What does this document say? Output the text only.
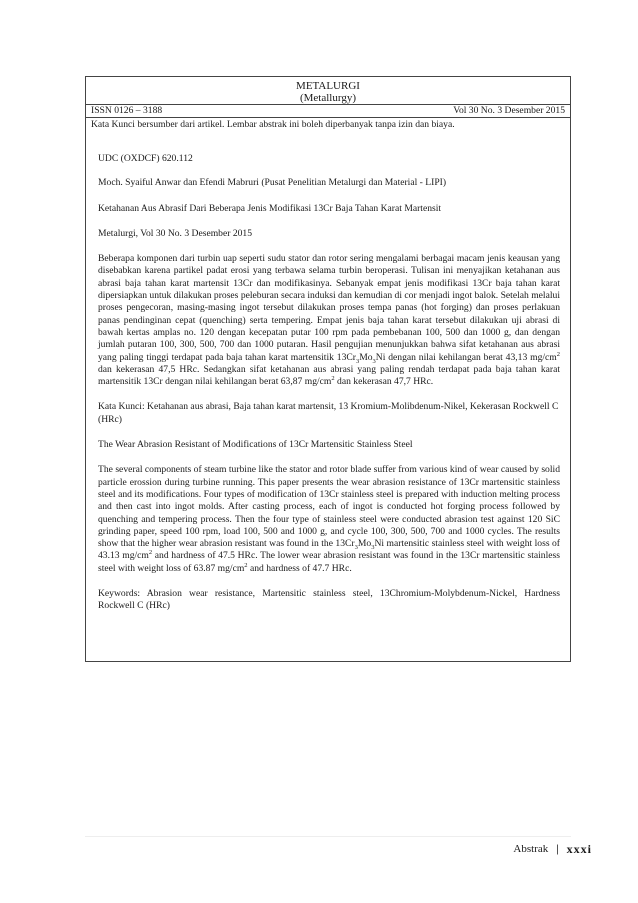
METALURGI
(Metallurgy)
ISSN 0126 – 3188	Vol 30 No. 3 Desember 2015
Kata Kunci bersumber dari artikel. Lembar abstrak ini boleh diperbanyak tanpa izin dan biaya.

UDC (OXDCF) 620.112

Moch. Syaiful Anwar dan Efendi Mabruri (Pusat Penelitian Metalurgi dan Material - LIPI)

Ketahanan Aus Abrasif Dari Beberapa Jenis Modifikasi 13Cr Baja Tahan Karat Martensit

Metalurgi, Vol 30 No. 3 Desember 2015

Beberapa komponen dari turbin uap seperti sudu stator dan rotor sering mengalami berbagai macam jenis keausan yang disebabkan karena partikel padat erosi yang terbawa selama turbin beroperasi. Tulisan ini menyajikan ketahanan aus abrasi baja tahan karat martensit 13Cr dan modifikasinya. Sebanyak empat jenis modifikasi 13Cr baja tahan karat dipersiapkan untuk dilakukan proses peleburan secara induksi dan kemudian di cor menjadi ingot balok. Setelah melalui proses pengecoran, masing-masing ingot tersebut dilakukan proses tempa panas (hot forging) dan proses perlakuan panas pendinginan cepat (quenching) serta tempering. Empat jenis baja tahan karat tersebut dilakukan uji abrasi di bawah kertas amplas no. 120 dengan kecepatan putar 100 rpm pada pembebanan 100, 500 dan 1000 g, dan dengan jumlah putaran 100, 300, 500, 700 dan 1000 putaran. Hasil pengujian menunjukkan bahwa sifat ketahanan aus abrasi yang paling tinggi terdapat pada baja tahan karat martensitik $13Cr_3Mo_3Ni$ dengan nilai kehilangan berat 43,13 $mg/cm^2$ dan kekerasan 47,5 HRc. Sedangkan sifat ketahanan aus abrasi yang paling rendah terdapat pada baja tahan karat martensitik 13Cr dengan nilai kehilangan berat 63,87 $mg/cm^2$ dan kekerasan 47,7 HRc.

Kata Kunci: Ketahanan aus abrasi, Baja tahan karat martensit, 13 Kromium-Molibdenum-Nikel, Kekerasan Rockwell C (HRc)

The Wear Abrasion Resistant of Modifications of 13Cr Martensitic Stainless Steel

The several components of steam turbine like the stator and rotor blade suffer from various kind of wear caused by solid particle erossion during turbine running. This paper presents the wear abrasion resistance of 13Cr martensitic stainless steel and its modifications. Four types of modification of 13Cr stainless steel is prepared with induction melting process and then cast into ingot molds. After casting process, each of ingot is conducted hot forging process followed by quenching and tempering process. Then the four type of stainless steel were conducted abrasion test against 120 SiC grinding paper, speed 100 rpm, load 100, 500 and 1000 g, and cycle 100, 300, 500, 700 and 1000 cycles. The results show that the higher wear abrasion resistant was found in the $13Cr_3Mo_3Ni$ martensitic stainless steel with weight loss of 43.13 $mg/cm^2$ and hardness of 47.5 HRc. The lower wear abrasion resistant was found in the 13Cr martensitic stainless steel with weight loss of 63.87 $mg/cm^2$ and hardness of 47.7 HRc.

Keywords: Abrasion wear resistance, Martensitic stainless steel, 13Chromium-Molybdenum-Nickel, Hardness Rockwell C (HRc)

Abstrak | xxxi
